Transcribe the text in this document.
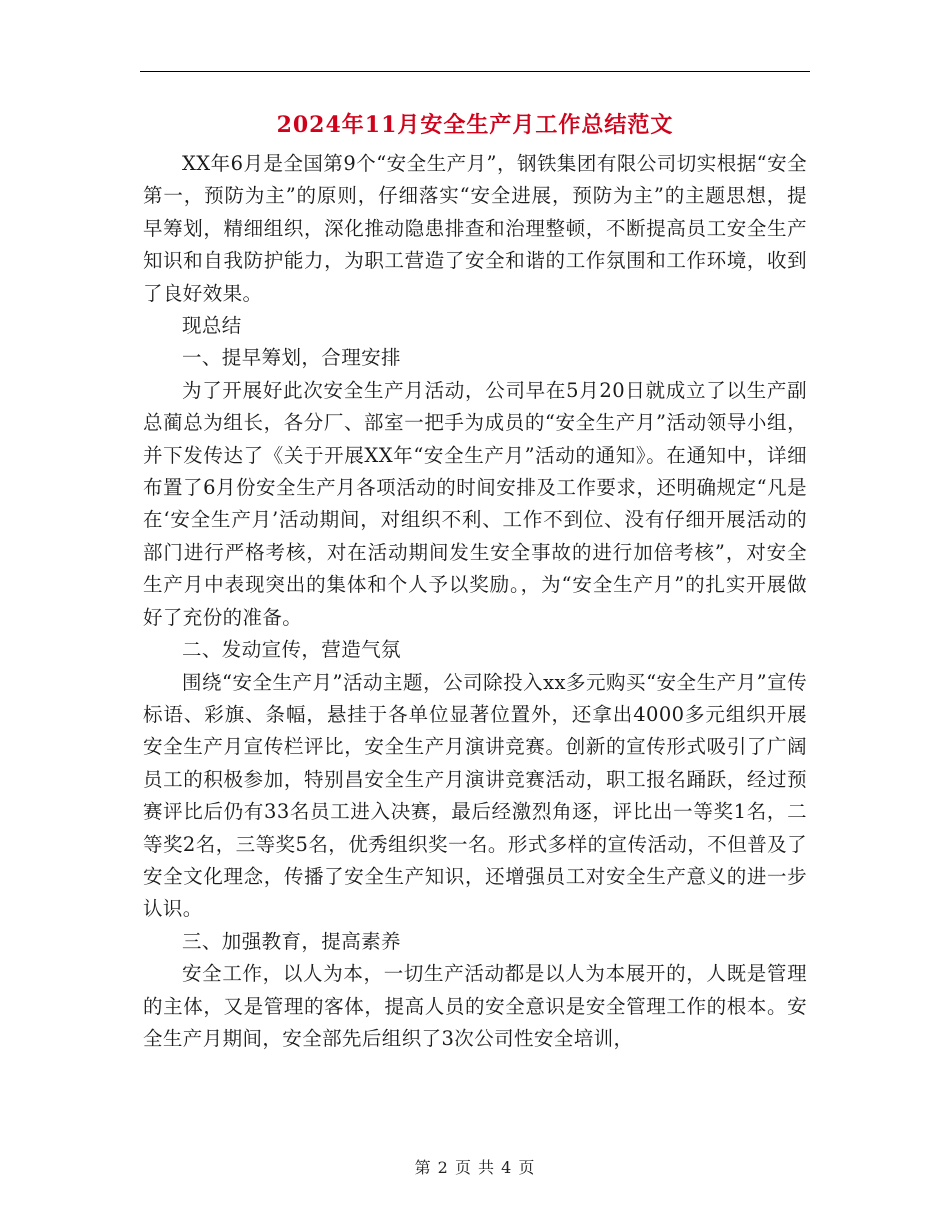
2024年11月安全生产月工作总结范文

XX年6月是全国第9个“安全生产月”，钢铁集团有限公司切实根据“安全第一，预防为主”的原则，仔细落实“安全进展，预防为主”的主题思想，提早筹划，精细组织，深化推动隐患排查和治理整顿，不断提高员工安全生产知识和自我防护能力，为职工营造了安全和谐的工作氛围和工作环境，收到了良好效果。

现总结

一、提早筹划，合理安排

为了开展好此次安全生产月活动，公司早在5月20日就成立了以生产副总蔺总为组长，各分厂、部室一把手为成员的“安全生产月”活动领导小组，并下发传达了《关于开展XX年“安全生产月”活动的通知》。在通知中，详细布置了6月份安全生产月各项活动的时间安排及工作要求，还明确规定“凡是在‘安全生产月’活动期间，对组织不利、工作不到位、没有仔细开展活动的部门进行严格考核，对在活动期间发生安全事故的进行加倍考核”，对安全生产月中表现突出的集体和个人予以奖励。，为“安全生产月”的扎实开展做好了充份的准备。

二、发动宣传，营造气氛

围绕“安全生产月”活动主题，公司除投入xx多元购买“安全生产月”宣传标语、彩旗、条幅，悬挂于各单位显著位置外，还拿出4000多元组织开展安全生产月宣传栏评比，安全生产月演讲竞赛。创新的宣传形式吸引了广阔员工的积极参加，特别昌安全生产月演讲竞赛活动，职工报名踊跃，经过预赛评比后仍有33名员工进入决赛，最后经激烈角逐，评比出一等奖1名，二等奖2名，三等奖5名，优秀组织奖一名。形式多样的宣传活动，不但普及了安全文化理念，传播了安全生产知识，还增强员工对安全生产意义的进一步认识。

三、加强教育，提高素养

安全工作，以人为本，一切生产活动都是以人为本展开的，人既是管理的主体，又是管理的客体，提高人员的安全意识是安全管理工作的根本。安全生产月期间，安全部先后组织了3次公司性安全培训，

第 2 页 共 4 页
